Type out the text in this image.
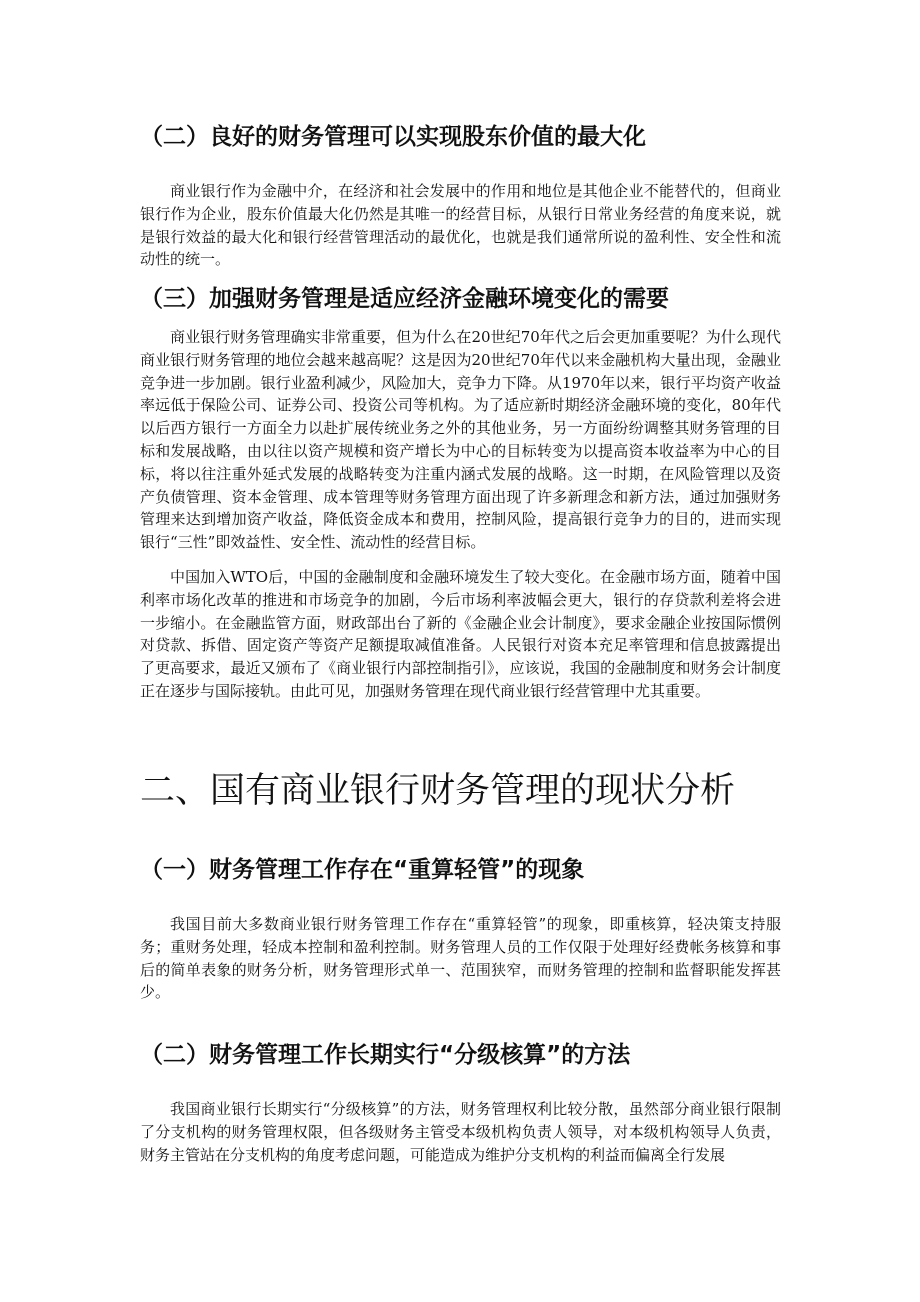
（二）良好的财务管理可以实现股东价值的最大化

商业银行作为金融中介，在经济和社会发展中的作用和地位是其他企业不能替代的，但商业银行作为企业，股东价值最大化仍然是其唯一的经营目标，从银行日常业务经营的角度来说，就是银行效益的最大化和银行经营管理活动的最优化，也就是我们通常所说的盈利性、安全性和流动性的统一。

（三）加强财务管理是适应经济金融环境变化的需要

商业银行财务管理确实非常重要，但为什么在20世纪70年代之后会更加重要呢？为什么现代商业银行财务管理的地位会越来越高呢？这是因为20世纪70年代以来金融机构大量出现，金融业竞争进一步加剧。银行业盈利减少，风险加大，竞争力下降。从1970年以来，银行平均资产收益率远低于保险公司、证券公司、投资公司等机构。为了适应新时期经济金融环境的变化，80年代以后西方银行一方面全力以赴扩展传统业务之外的其他业务，另一方面纷纷调整其财务管理的目标和发展战略，由以往以资产规模和资产增长为中心的目标转变为以提高资本收益率为中心的目标，将以往注重外延式发展的战略转变为注重内涵式发展的战略。这一时期，在风险管理以及资产负债管理、资本金管理、成本管理等财务管理方面出现了许多新理念和新方法，通过加强财务管理来达到增加资产收益，降低资金成本和费用，控制风险，提高银行竞争力的目的，进而实现银行“三性”即效益性、安全性、流动性的经营目标。

中国加入WTO后，中国的金融制度和金融环境发生了较大变化。在金融市场方面，随着中国利率市场化改革的推进和市场竞争的加剧，今后市场利率波幅会更大，银行的存贷款利差将会进一步缩小。在金融监管方面，财政部出台了新的《金融企业会计制度》，要求金融企业按国际惯例对贷款、拆借、固定资产等资产足额提取减值准备。人民银行对资本充足率管理和信息披露提出了更高要求，最近又颁布了《商业银行内部控制指引》，应该说，我国的金融制度和财务会计制度正在逐步与国际接轨。由此可见，加强财务管理在现代商业银行经营管理中尤其重要。

二、国有商业银行财务管理的现状分析
（一）财务管理工作存在“重算轻管”的现象

我国目前大多数商业银行财务管理工作存在“重算轻管”的现象，即重核算，轻决策支持服务；重财务处理，轻成本控制和盈利控制。财务管理人员的工作仅限于处理好经费帐务核算和事后的简单表象的财务分析，财务管理形式单一、范围狭窄，而财务管理的控制和监督职能发挥甚少。

（二）财务管理工作长期实行“分级核算”的方法

我国商业银行长期实行“分级核算”的方法，财务管理权利比较分散，虽然部分商业银行限制了分支机构的财务管理权限，但各级财务主管受本级机构负责人领导，对本级机构领导人负责，财务主管站在分支机构的角度考虑问题，可能造成为维护分支机构的利益而偏离全行发展
